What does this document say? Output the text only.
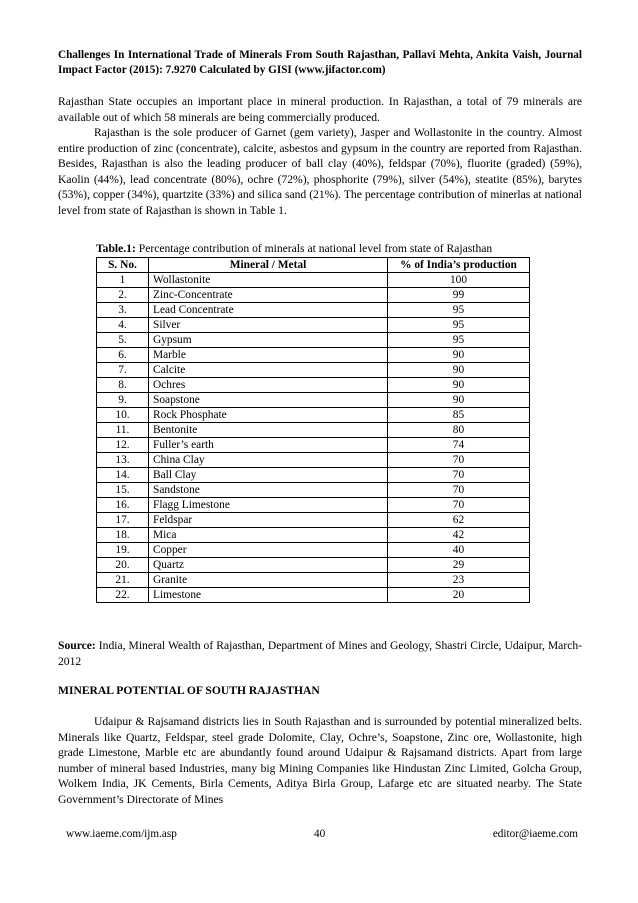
Challenges In International Trade of Minerals From South Rajasthan, Pallavi Mehta, Ankita Vaish, Journal Impact Factor (2015): 7.9270 Calculated by GISI (www.jifactor.com)

Rajasthan State occupies an important place in mineral production. In Rajasthan, a total of 79 minerals are available out of which 58 minerals are being commercially produced.

Rajasthan is the sole producer of Garnet (gem variety), Jasper and Wollastonite in the country. Almost entire production of zinc (concentrate), calcite, asbestos and gypsum in the country are reported from Rajasthan. Besides, Rajasthan is also the leading producer of ball clay (40%), feldspar (70%), fluorite (graded) (59%), Kaolin (44%), lead concentrate (80%), ochre (72%), phosphorite (79%), silver (54%), steatite (85%), barytes (53%), copper (34%), quartzite (33%) and silica sand (21%). The percentage contribution of minerlas at national level from state of Rajasthan is shown in Table 1.

Table.1: Percentage contribution of minerals at national level from state of Rajasthan
S. No.	Mineral / Metal	% of India’s production
1	Wollastonite	100
2.	Zinc-Concentrate	99
3.	Lead Concentrate	95
4.	Silver	95
5.	Gypsum	95
6.	Marble	90
7.	Calcite	90
8.	Ochres	90
9.	Soapstone	90
10.	Rock Phosphate	85
11.	Bentonite	80
12.	Fuller’s earth	74
13.	China Clay	70
14.	Ball Clay	70
15.	Sandstone	70
16.	Flagg Limestone	70
17.	Feldspar	62
18.	Mica	42
19.	Copper	40
20.	Quartz	29
21.	Granite	23
22.	Limestone	20
Source: India, Mineral Wealth of Rajasthan, Department of Mines and Geology, Shastri Circle, Udaipur, March-2012
MINERAL POTENTIAL OF SOUTH RAJASTHAN

Udaipur & Rajsamand districts lies in South Rajasthan and is surrounded by potential mineralized belts. Minerals like Quartz, Feldspar, steel grade Dolomite, Clay, Ochre’s, Soapstone, Zinc ore, Wollastonite, high grade Limestone, Marble etc are abundantly found around Udaipur & Rajsamand districts. Apart from large number of mineral based Industries, many big Mining Companies like Hindustan Zinc Limited, Golcha Group, Wolkem India, JK Cements, Birla Cements, Aditya Birla Group, Lafarge etc are situated nearby. The State Government’s Directorate of Mines

www.iaeme.com/ijm.asp	40	editor@iaeme.com
